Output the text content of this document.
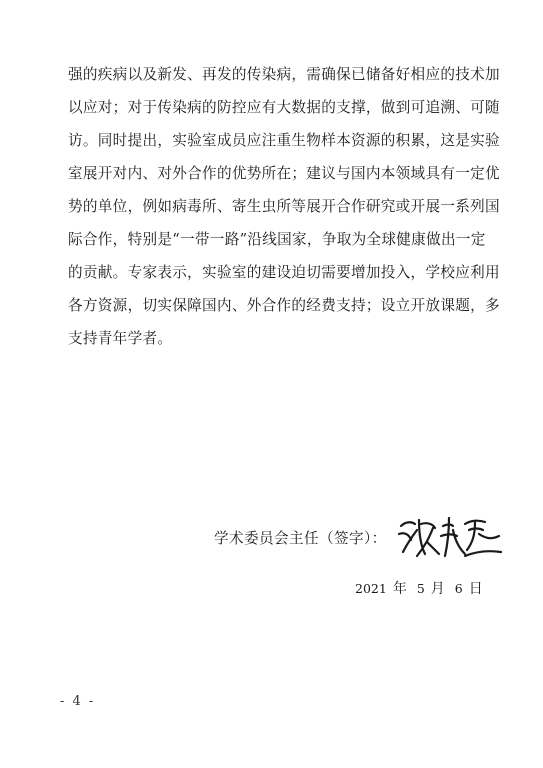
强的疾病以及新发、再发的传染病，需确保已储备好相应的技术加
以应对；对于传染病的防控应有大数据的支撑，做到可追溯、可随
访。同时提出，实验室成员应注重生物样本资源的积累，这是实验
室展开对内、对外合作的优势所在；建议与国内本领域具有一定优
势的单位，例如病毒所、寄生虫所等展开合作研究或开展一系列国
际合作，特别是“一带一路”沿线国家，争取为全球健康做出一定
的贡献。专家表示，实验室的建设迫切需要增加投入，学校应利用
各方资源，切实保障国内、外合作的经费支持；设立开放课题，多
支持青年学者。
学术委员会主任（签字）：
2021 年 5 月 6 日
- 4 -
